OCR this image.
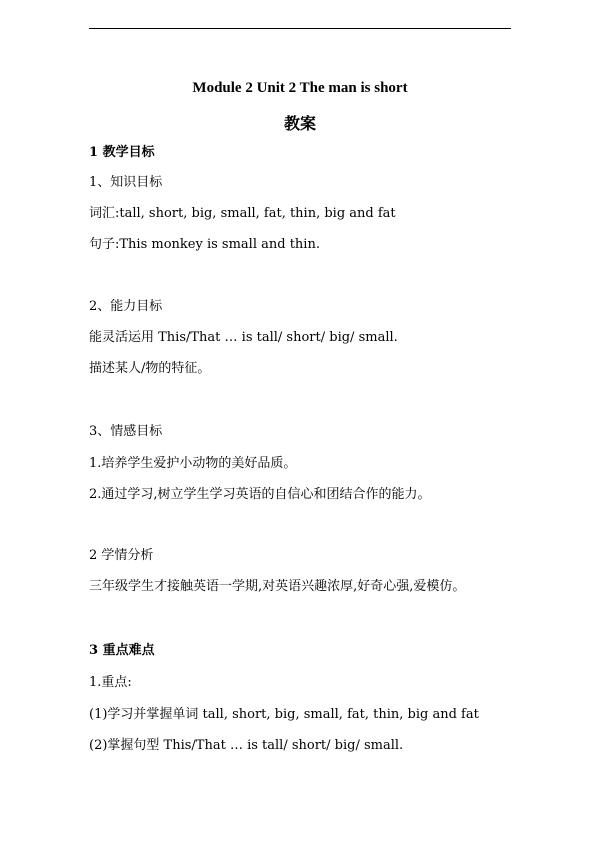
Module 2 Unit 2 The man is short
教案
1 教学目标
1、知识目标
词汇:tall, short, big, small, fat, thin, big and fat
句子:This monkey is small and thin.
2、能力目标
能灵活运用 This/That … is tall/ short/ big/ small.
描述某人/物的特征。
3、情感目标
1.培养学生爱护小动物的美好品质。
2.通过学习,树立学生学习英语的自信心和团结合作的能力。
2 学情分析
三年级学生才接触英语一学期,对英语兴趣浓厚,好奇心强,爱模仿。
3 重点难点
1.重点:
(1)学习并掌握单词 tall, short, big, small, fat, thin, big and fat
(2)掌握句型 This/That … is tall/ short/ big/ small.
